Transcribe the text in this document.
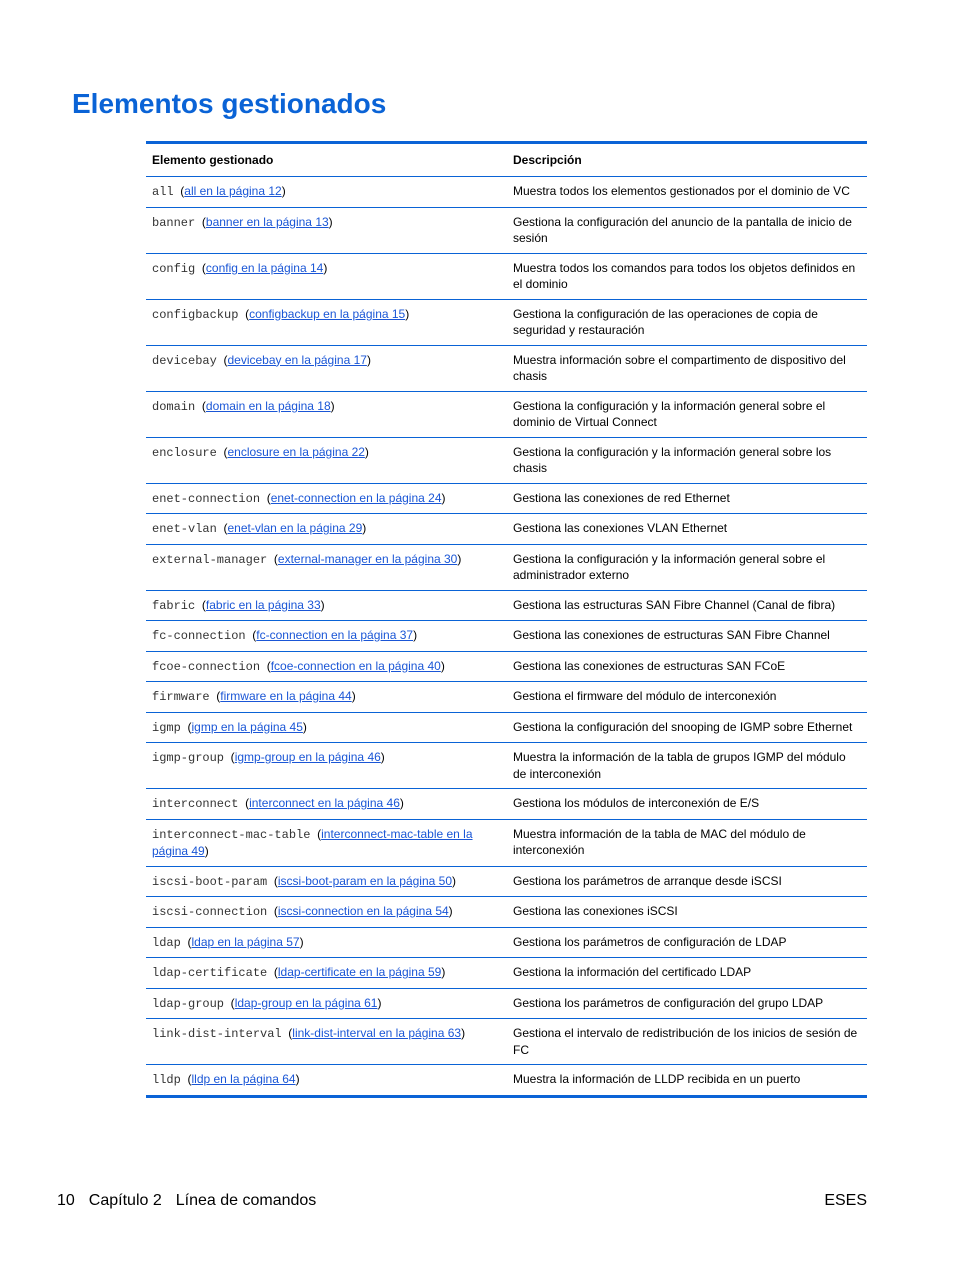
Elementos gestionados
Elemento gestionado	Descripción
all  (all en la página 12)	Muestra todos los elementos gestionados por el dominio de VC
banner  (banner en la página 13)	Gestiona la configuración del anuncio de la pantalla de inicio de sesión
config  (config en la página 14)	Muestra todos los comandos para todos los objetos definidos en el dominio
configbackup  (configbackup en la página 15)	Gestiona la configuración de las operaciones de copia de seguridad y restauración
devicebay  (devicebay en la página 17)	Muestra información sobre el compartimento de dispositivo del chasis
domain  (domain en la página 18)	Gestiona la configuración y la información general sobre el dominio de Virtual Connect
enclosure  (enclosure en la página 22)	Gestiona la configuración y la información general sobre los chasis
enet-connection  (enet-connection en la página 24)	Gestiona las conexiones de red Ethernet
enet-vlan  (enet-vlan en la página 29)	Gestiona las conexiones VLAN Ethernet
external-manager  (external-manager en la página 30)	Gestiona la configuración y la información general sobre el administrador externo
fabric  (fabric en la página 33)	Gestiona las estructuras SAN Fibre Channel (Canal de fibra)
fc-connection  (fc-connection en la página 37)	Gestiona las conexiones de estructuras SAN Fibre Channel
fcoe-connection  (fcoe-connection en la página 40)	Gestiona las conexiones de estructuras SAN FCoE
firmware  (firmware en la página 44)	Gestiona el firmware del módulo de interconexión
igmp  (igmp en la página 45)	Gestiona la configuración del snooping de IGMP sobre Ethernet
igmp-group  (igmp-group en la página 46)	Muestra la información de la tabla de grupos IGMP del módulo de interconexión
interconnect  (interconnect en la página 46)	Gestiona los módulos de interconexión de E/S
interconnect-mac-table  (interconnect-mac-table en la página 49)	Muestra información de la tabla de MAC del módulo de interconexión
iscsi-boot-param  (iscsi-boot-param en la página 50)	Gestiona los parámetros de arranque desde iSCSI
iscsi-connection  (iscsi-connection en la página 54)	Gestiona las conexiones iSCSI
ldap  (ldap en la página 57)	Gestiona los parámetros de configuración de LDAP
ldap-certificate  (ldap-certificate en la página 59)	Gestiona la información del certificado LDAP
ldap-group  (ldap-group en la página 61)	Gestiona los parámetros de configuración del grupo LDAP
link-dist-interval  (link-dist-interval en la página 63)	Gestiona el intervalo de redistribución de los inicios de sesión de FC
lldp  (lldp en la página 64)	Muestra la información de LLDP recibida en un puerto
10 Capítulo 2 Línea de comandos	ESES
